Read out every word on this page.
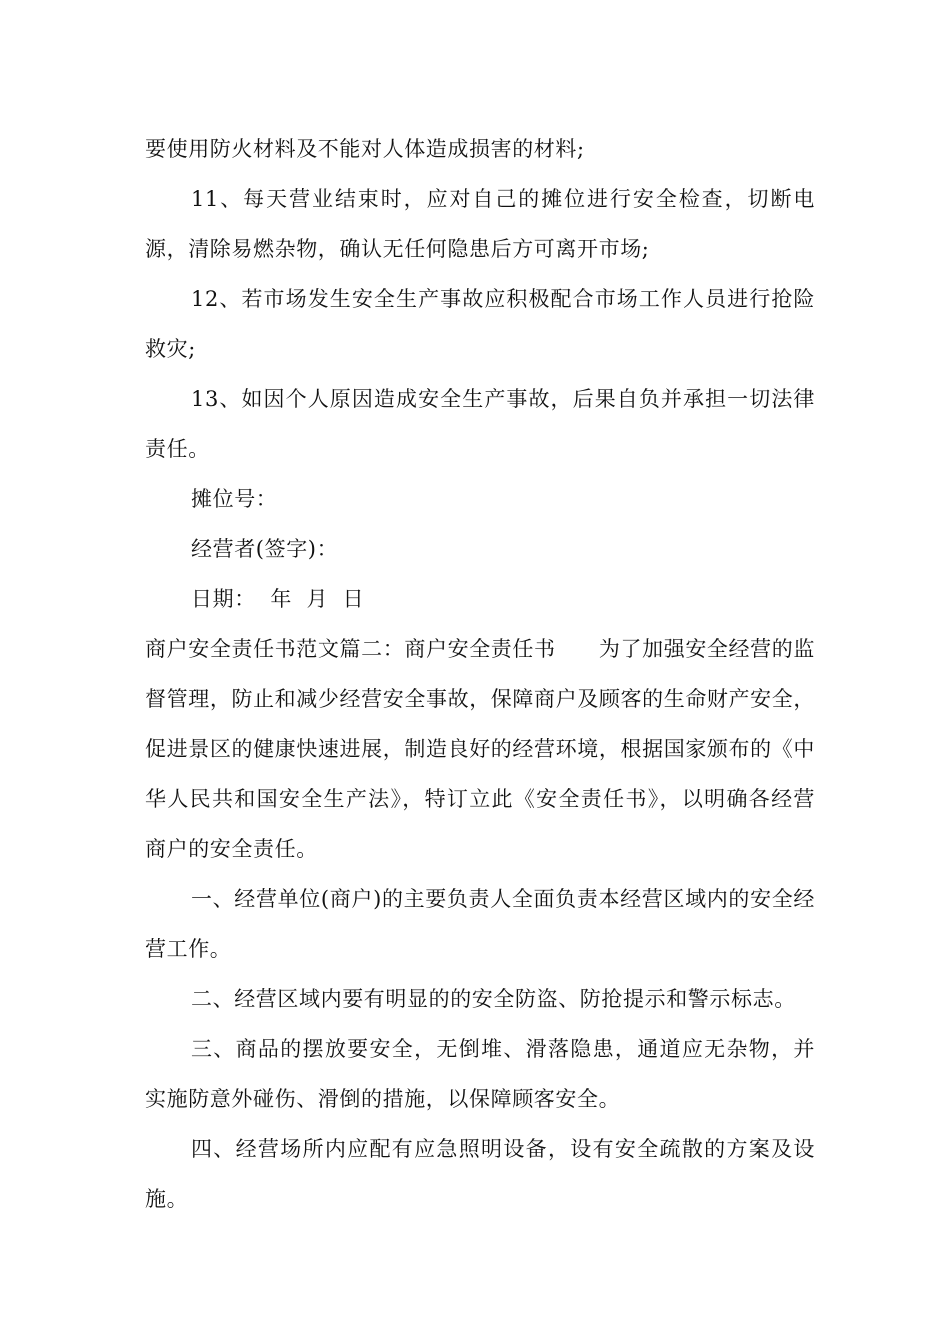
要使用防火材料及不能对人体造成损害的材料;

11、每天营业结束时，应对自己的摊位进行安全检查，切断电源，清除易燃杂物，确认无任何隐患后方可离开市场;

12、若市场发生安全生产事故应积极配合市场工作人员进行抢险救灾;

13、如因个人原因造成安全生产事故，后果自负并承担一切法律责任。

摊位号：

经营者(签字)：

日期：  年  月  日

商户安全责任书范文篇二：商户安全责任书　　为了加强安全经营的监督管理，防止和减少经营安全事故，保障商户及顾客的生命财产安全，促进景区的健康快速进展，制造良好的经营环境，根据国家颁布的《中华人民共和国安全生产法》，特订立此《安全责任书》，以明确各经营商户的安全责任。

一、经营单位(商户)的主要负责人全面负责本经营区域内的安全经营工作。

二、经营区域内要有明显的的安全防盗、防抢提示和警示标志。

三、商品的摆放要安全，无倒堆、滑落隐患，通道应无杂物，并实施防意外碰伤、滑倒的措施，以保障顾客安全。

四、经营场所内应配有应急照明设备，设有安全疏散的方案及设施。
